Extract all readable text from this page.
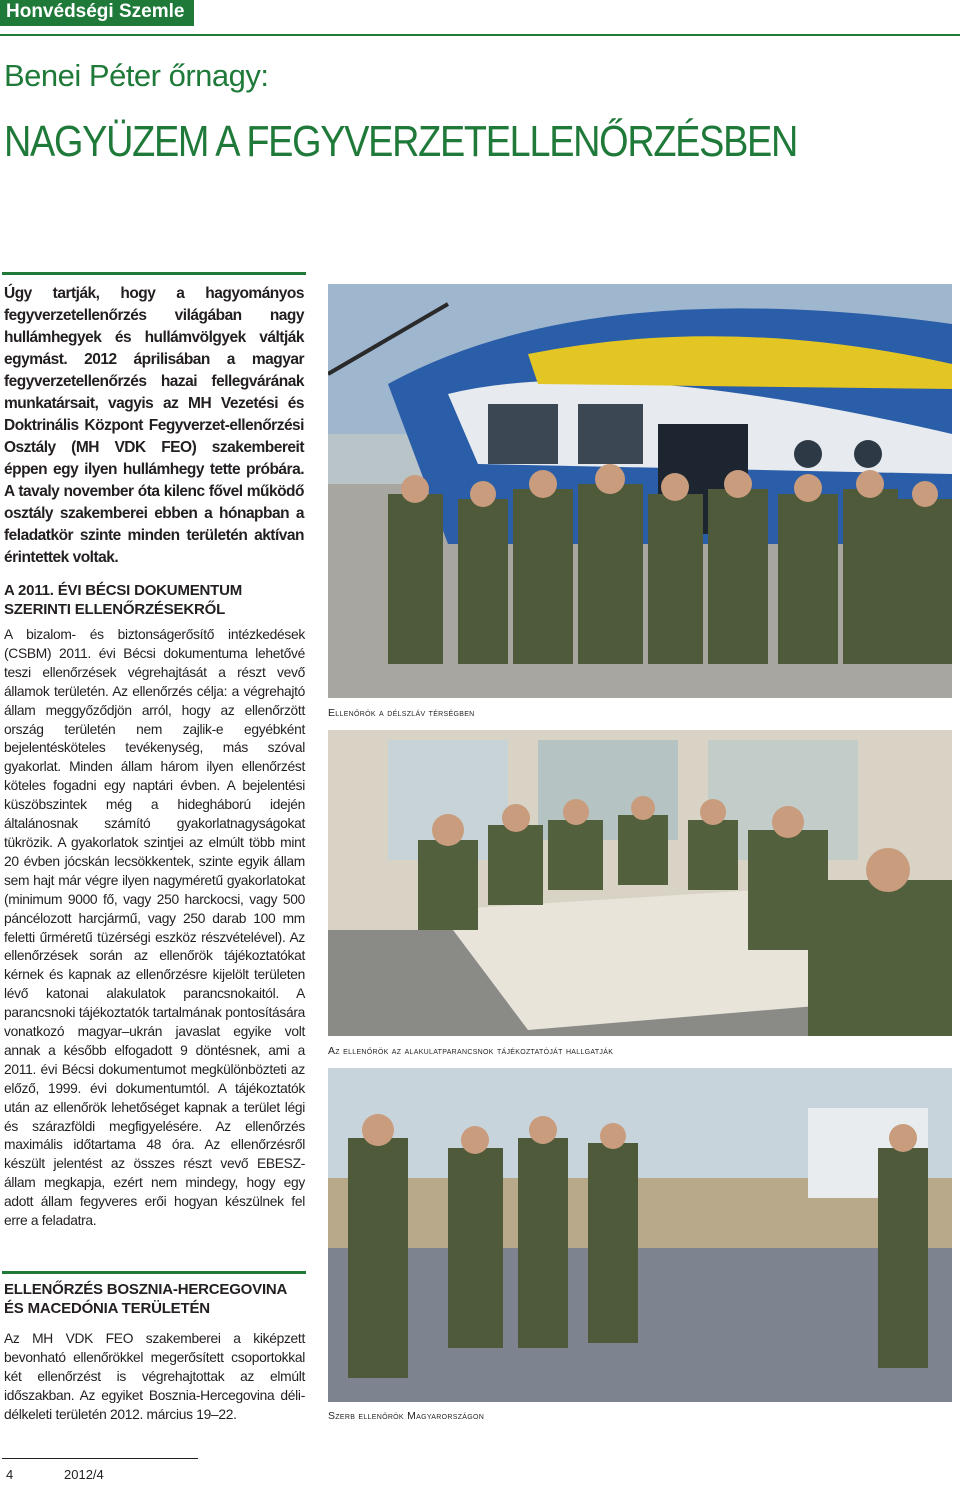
Honvédségi Szemle
Benei Péter őrnagy:
NAGYÜZEM A FEGYVERZETELLENŐRZÉSBEN
Úgy tartják, hogy a hagyományos fegyverzetellenőrzés világában nagy hullámhegyek és hullámvölgyek váltják egymást. 2012 áprilisában a magyar fegyverzetellenőrzés hazai fellegvárának munkatársait, vagyis az MH Vezetési és Doktrinális Központ Fegyverzet-ellenőrzési Osztály (MH VDK FEO) szakembereit éppen egy ilyen hullámhegy tette próbára. A tavaly november óta kilenc fővel működő osztály szakemberei ebben a hónapban a feladatkör szinte minden területén aktívan érintettek voltak.
A 2011. ÉVI BÉCSI DOKUMENTUM SZERINTI ELLENŐRZÉSEKRŐL
A bizalom- és biztonságerősítő intézkedések (CSBM) 2011. évi Bécsi dokumentuma lehetővé teszi ellenőrzések végrehajtását a részt vevő államok területén. Az ellenőrzés célja: a végrehajtó állam meggyőződjön arról, hogy az ellenőrzött ország területén nem zajlik-e egyébként bejelentésköteles tevékenység, más szóval gyakorlat. Minden állam három ilyen ellenőrzést köteles fogadni egy naptári évben. A bejelentési küszöbszintek még a hidegháború idején általánosnak számító gyakorlatnagyságokat tükrözik. A gyakorlatok szintjei az elmúlt több mint 20 évben jócskán lecsökkentek, szinte egyik állam sem hajt már végre ilyen nagyméretű gyakorlatokat (minimum 9000 fő, vagy 250 harckocsi, vagy 500 páncélozott harcjármű, vagy 250 darab 100 mm feletti űrméretű tüzérségi eszköz részvételével). Az ellenőrzések során az ellenőrök tájékoztatókat kérnek és kapnak az ellenőrzésre kijelölt területen lévő katonai alakulatok parancsnokaitól. A parancsnoki tájékoztatók tartalmának pontosítására vonatkozó magyar–ukrán javaslat egyike volt annak a később elfogadott 9 döntésnek, ami a 2011. évi Bécsi dokumentumot megkülönbözteti az előző, 1999. évi dokumentumtól. A tájékoztatók után az ellenőrök lehetőséget kapnak a terület légi és szárazföldi megfigyelésére. Az ellenőrzés maximális időtartama 48 óra. Az ellenőrzésről készült jelentést az összes részt vevő EBESZ-állam megkapja, ezért nem mindegy, hogy egy adott állam fegyveres erői hogyan készülnek fel erre a feladatra.
ELLENŐRZÉS BOSZNIA-HERCEGOVINA ÉS MACEDÓNIA TERÜLETÉN
Az MH VDK FEO szakemberei a kiképzett bevonható ellenőrökkel megerősített csoportokkal két ellenőrzést is végrehajtottak az elmúlt időszakban. Az egyiket Bosznia-Hercegovina déli-délkeleti területén 2012. március 19–22.
Ellenőrök a délszláv térségben
Az ellenőrök az alakulatparancsnok tájékoztatóját hallgatják
Szerb ellenőrök Magyarországon
4	2012/4
